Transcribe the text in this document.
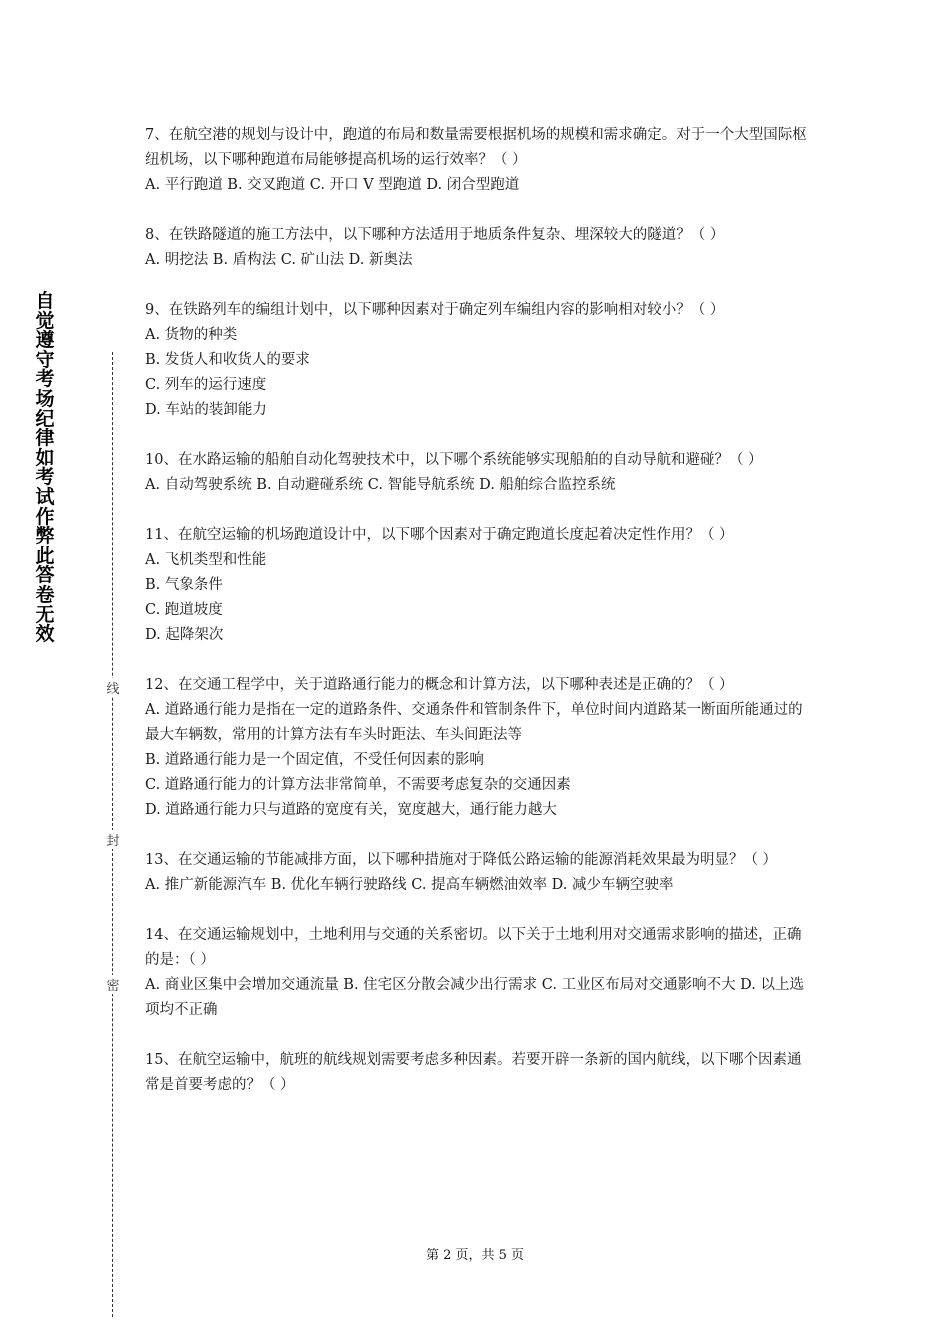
自觉遵守考场纪律如考试作弊此答卷无效
线
封
密

7、在航空港的规划与设计中，跑道的布局和数量需要根据机场的规模和需求确定。对于一个大型国际枢纽机场，以下哪种跑道布局能够提高机场的运行效率？（ ）

A. 平行跑道 B. 交叉跑道 C. 开口 V 型跑道 D. 闭合型跑道

8、在铁路隧道的施工方法中，以下哪种方法适用于地质条件复杂、埋深较大的隧道？（ ）

A. 明挖法 B. 盾构法 C. 矿山法 D. 新奥法

9、在铁路列车的编组计划中，以下哪种因素对于确定列车编组内容的影响相对较小？（ ）

A. 货物的种类

B. 发货人和收货人的要求

C. 列车的运行速度

D. 车站的装卸能力

10、在水路运输的船舶自动化驾驶技术中，以下哪个系统能够实现船舶的自动导航和避碰？（ ）

A. 自动驾驶系统 B. 自动避碰系统 C. 智能导航系统 D. 船舶综合监控系统

11、在航空运输的机场跑道设计中，以下哪个因素对于确定跑道长度起着决定性作用？（ ）

A. 飞机类型和性能

B. 气象条件

C. 跑道坡度

D. 起降架次

12、在交通工程学中，关于道路通行能力的概念和计算方法，以下哪种表述是正确的？（ ）

A. 道路通行能力是指在一定的道路条件、交通条件和管制条件下，单位时间内道路某一断面所能通过的最大车辆数，常用的计算方法有车头时距法、车头间距法等

B. 道路通行能力是一个固定值，不受任何因素的影响

C. 道路通行能力的计算方法非常简单，不需要考虑复杂的交通因素

D. 道路通行能力只与道路的宽度有关，宽度越大，通行能力越大

13、在交通运输的节能减排方面，以下哪种措施对于降低公路运输的能源消耗效果最为明显？（ ）

A. 推广新能源汽车 B. 优化车辆行驶路线 C. 提高车辆燃油效率 D. 减少车辆空驶率

14、在交通运输规划中，土地利用与交通的关系密切。以下关于土地利用对交通需求影响的描述，正确的是：（ ）

A. 商业区集中会增加交通流量 B. 住宅区分散会减少出行需求 C. 工业区布局对交通影响不大 D. 以上选项均不正确

15、在航空运输中，航班的航线规划需要考虑多种因素。若要开辟一条新的国内航线，以下哪个因素通常是首要考虑的？（ ）

第 2 页，共 5 页
